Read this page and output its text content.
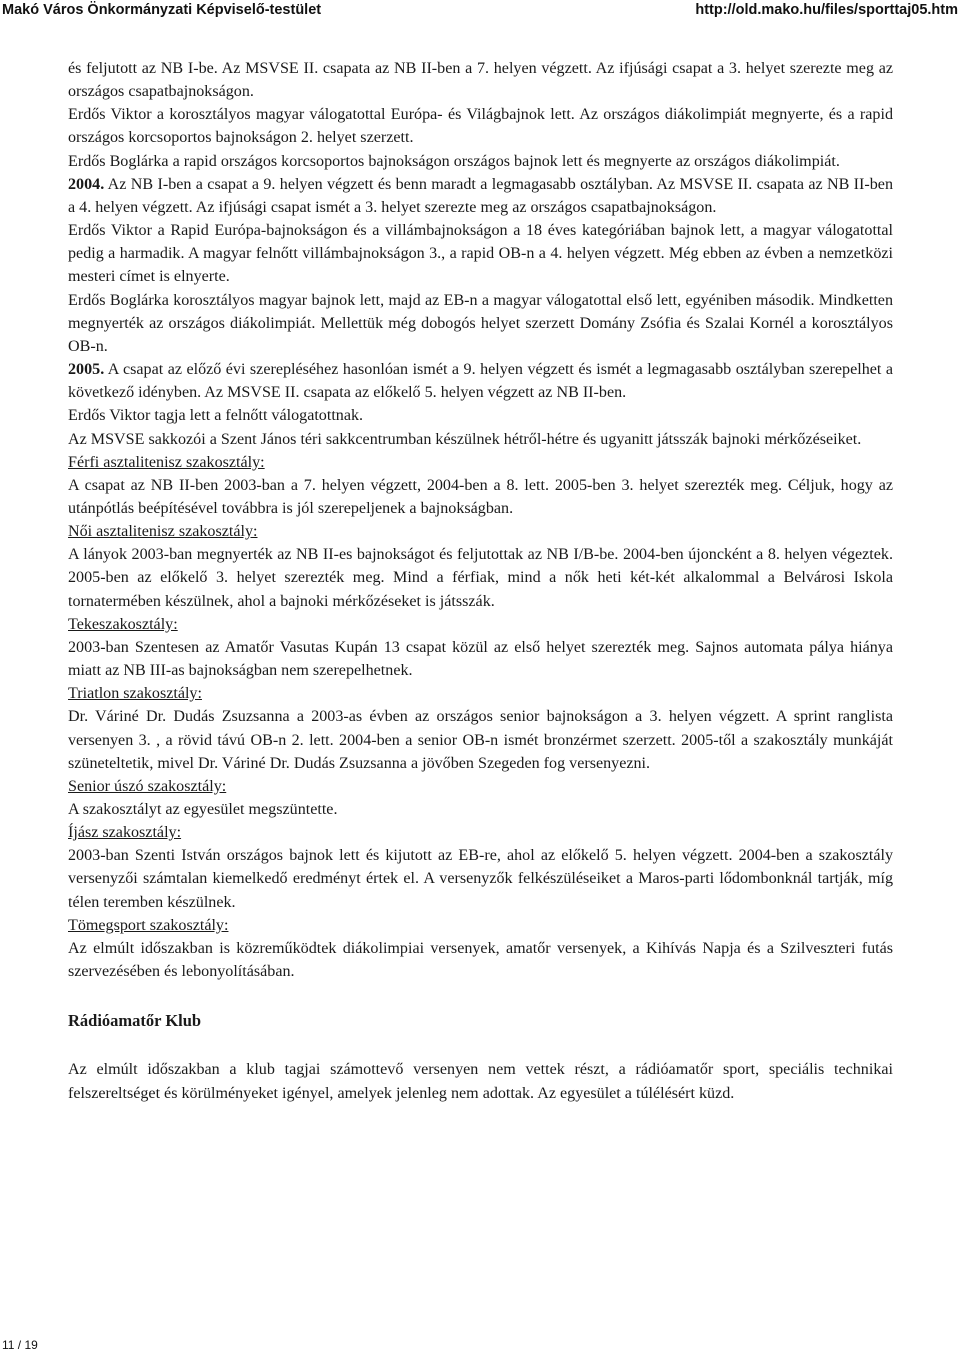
Makó Város Önkormányzati Képviselő-testület	http://old.mako.hu/files/sporttaj05.htm

és feljutott az NB I-be. Az MSVSE II. csapata az NB II-ben a 7. helyen végzett. Az ifjúsági csapat a 3. helyet szerezte meg az országos csapatbajnokságon.

Erdős Viktor a korosztályos magyar válogatottal Európa- és Világbajnok lett. Az országos diákolimpiát megnyerte, és a rapid országos korcsoportos bajnokságon 2. helyet szerzett.

Erdős Boglárka a rapid országos korcsoportos bajnokságon országos bajnok lett és megnyerte az országos diákolimpiát.

2004. Az NB I-ben a csapat a 9. helyen végzett és benn maradt a legmagasabb osztályban. Az MSVSE II. csapata az NB II-ben a 4. helyen végzett. Az ifjúsági csapat ismét a 3. helyet szerezte meg az országos csapatbajnokságon.

Erdős Viktor a Rapid Európa-bajnokságon és a villámbajnokságon a 18 éves kategóriában bajnok lett, a magyar válogatottal pedig a harmadik. A magyar felnőtt villámbajnokságon 3., a rapid OB-n a 4. helyen végzett. Még ebben az évben a nemzetközi mesteri címet is elnyerte.

Erdős Boglárka korosztályos magyar bajnok lett, majd az EB-n a magyar válogatottal első lett, egyéniben második. Mindketten megnyerték az országos diákolimpiát. Mellettük még dobogós helyet szerzett Domány Zsófia és Szalai Kornél a korosztályos OB-n.

2005. A csapat az előző évi szerepléséhez hasonlóan ismét a 9. helyen végzett és ismét a legmagasabb osztályban szerepelhet a következő idényben. Az MSVSE II. csapata az előkelő 5. helyen végzett az NB II-ben.

Erdős Viktor tagja lett a felnőtt válogatottnak.

Az MSVSE sakkozói a Szent János téri sakkcentrumban készülnek hétről-hétre és ugyanitt játsszák bajnoki mérkőzéseiket.

Férfi asztalitenisz szakosztály:

A csapat az NB II-ben 2003-ban a 7. helyen végzett, 2004-ben a 8. lett. 2005-ben 3. helyet szerezték meg. Céljuk, hogy az utánpótlás beépítésével továbbra is jól szerepeljenek a bajnokságban.

Női asztalitenisz szakosztály:

A lányok 2003-ban megnyerték az NB II-es bajnokságot és feljutottak az NB I/B-be. 2004-ben újoncként a 8. helyen végeztek. 2005-ben az előkelő 3. helyet szerezték meg. Mind a férfiak, mind a nők heti két-két alkalommal a Belvárosi Iskola tornatermében készülnek, ahol a bajnoki mérkőzéseket is játsszák.

Tekeszakosztály:

2003-ban Szentesen az Amatőr Vasutas Kupán 13 csapat közül az első helyet szerezték meg. Sajnos automata pálya hiánya miatt az NB III-as bajnokságban nem szerepelhetnek.

Triatlon szakosztály:

Dr. Váriné Dr. Dudás Zsuzsanna a 2003-as évben az országos senior bajnokságon a 3. helyen végzett. A sprint ranglista versenyen 3. , a rövid távú OB-n 2. lett. 2004-ben a senior OB-n ismét bronzérmet szerzett. 2005-től a szakosztály munkáját szüneteltetik, mivel Dr. Váriné Dr. Dudás Zsuzsanna a jövőben Szegeden fog versenyezni.

Senior úszó szakosztály:

A szakosztályt az egyesület megszüntette.

Íjász szakosztály:

2003-ban Szenti István országos bajnok lett és kijutott az EB-re, ahol az előkelő 5. helyen végzett. 2004-ben a szakosztály versenyzői számtalan kiemelkedő eredményt értek el. A versenyzők felkészüléseiket a Maros-parti lődombonknál tartják, míg télen teremben készülnek.

Tömegsport szakosztály:

Az elmúlt időszakban is közreműködtek diákolimpiai versenyek, amatőr versenyek, a Kihívás Napja és a Szilveszteri futás szervezésében és lebonyolításában.

Rádióamatőr Klub

Az elmúlt időszakban a klub tagjai számottevő versenyen nem vettek részt, a rádióamatőr sport, speciális technikai felszereltséget és körülményeket igényel, amelyek jelenleg nem adottak. Az egyesület a túlélésért küzd.

11 / 19
